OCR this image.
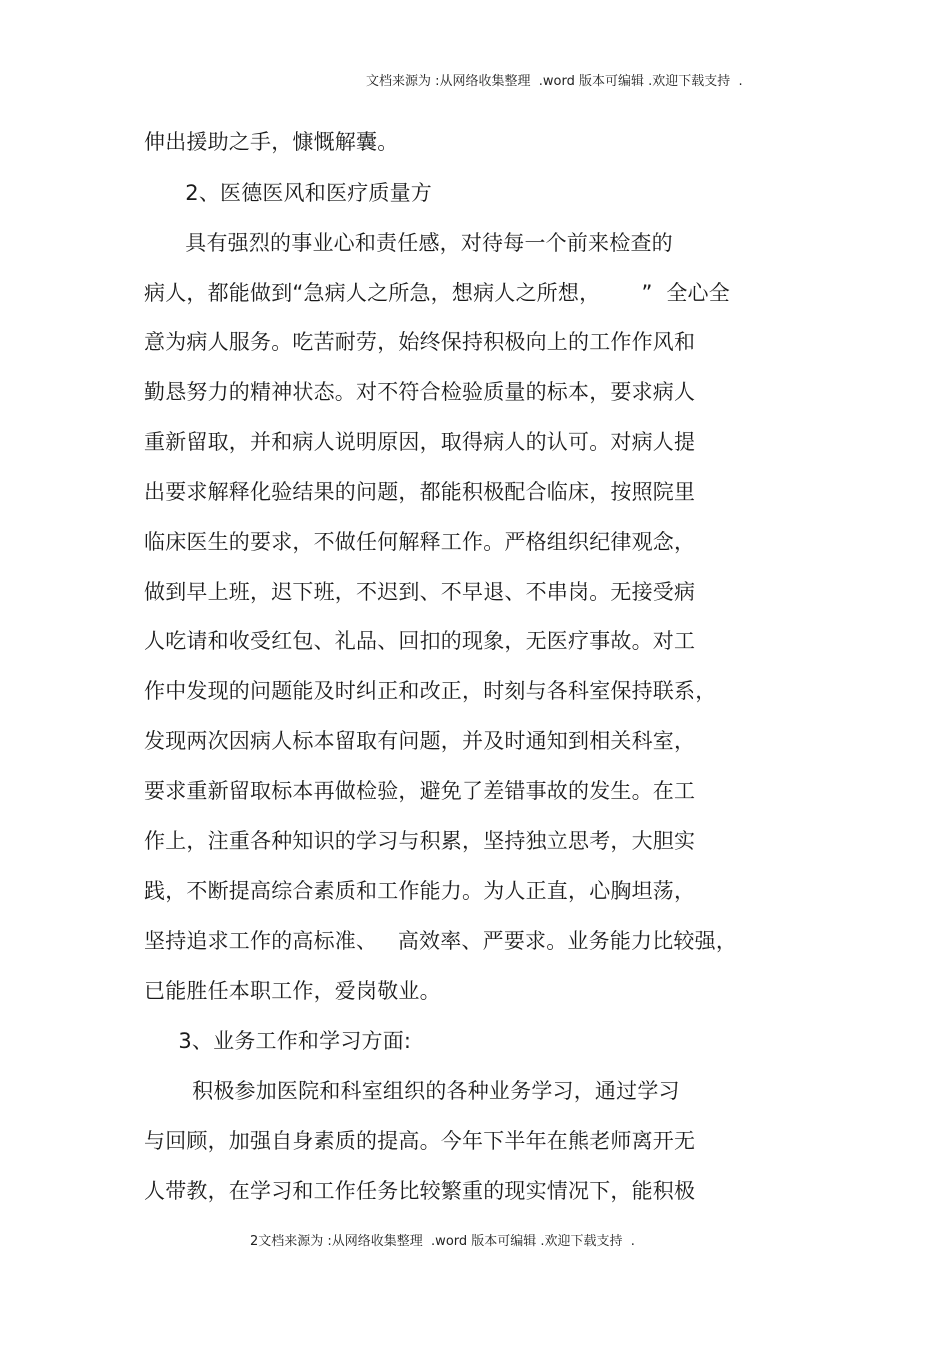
文档来源为 :从网络收集整理  .word 版本可编辑 .欢迎下载支持  .
伸出援助之手，慷慨解囊。
2、医德医风和医疗质量方
具有强烈的事业心和责任感，对待每一个前来检查的
病人，都能做到“急病人之所急，想病人之所想，      ”  全心全
意为病人服务。吃苦耐劳，始终保持积极向上的工作作风和
勤恳努力的精神状态。对不符合检验质量的标本，要求病人
重新留取，并和病人说明原因，取得病人的认可。对病人提
出要求解释化验结果的问题，都能积极配合临床，按照院里
临床医生的要求，不做任何解释工作。严格组织纪律观念，
做到早上班，迟下班，不迟到、不早退、不串岗。无接受病
人吃请和收受红包、礼品、回扣的现象，无医疗事故。对工
作中发现的问题能及时纠正和改正，时刻与各科室保持联系，
发现两次因病人标本留取有问题，并及时通知到相关科室，
要求重新留取标本再做检验，避免了差错事故的发生。在工
作上，注重各种知识的学习与积累，坚持独立思考，大胆实
践，不断提高综合素质和工作能力。为人正直，心胸坦荡，
坚持追求工作的高标准、   高效率、严要求。业务能力比较强，
已能胜任本职工作，爱岗敬业。
3、业务工作和学习方面:
积极参加医院和科室组织的各种业务学习，通过学习
与回顾，加强自身素质的提高。今年下半年在熊老师离开无
人带教，在学习和工作任务比较繁重的现实情况下，能积极
2文档来源为 :从网络收集整理  .word 版本可编辑 .欢迎下载支持  .
